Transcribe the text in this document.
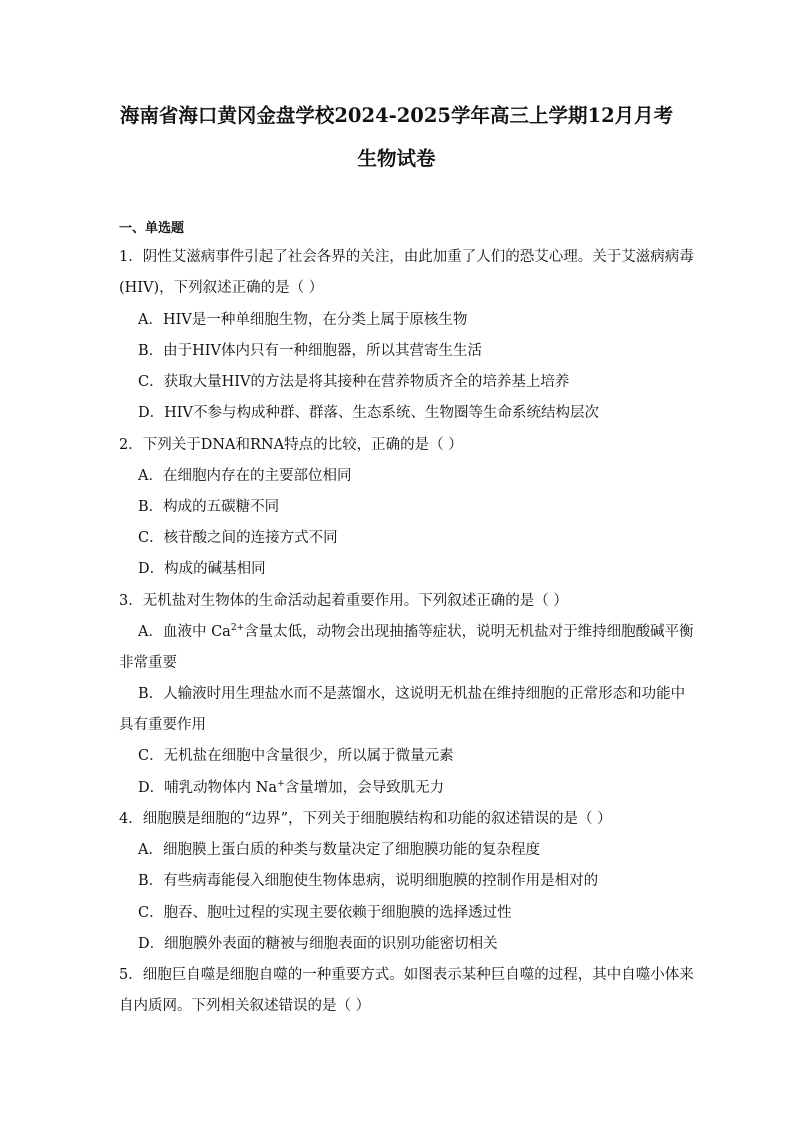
海南省海口黄冈金盘学校2024-2025学年高三上学期12月月考
生物试卷
一、单选题
1．阴性艾滋病事件引起了社会各界的关注，由此加重了人们的恐艾心理。关于艾滋病病毒
(HIV)，下列叙述正确的是（ ）
A．HIV是一种单细胞生物，在分类上属于原核生物
B．由于HIV体内只有一种细胞器，所以其营寄生生活
C．获取大量HIV的方法是将其接种在营养物质齐全的培养基上培养
D．HIV不参与构成种群、群落、生态系统、生物圈等生命系统结构层次
2．下列关于DNA和RNA特点的比较，正确的是（ ）
A．在细胞内存在的主要部位相同
B．构成的五碳糖不同
C．核苷酸之间的连接方式不同
D．构成的碱基相同
3．无机盐对生物体的生命活动起着重要作用。下列叙述正确的是（ ）
A．血液中 $Ca^{2+}$含量太低，动物会出现抽搐等症状，说明无机盐对于维持细胞酸碱平衡
非常重要
B．人输液时用生理盐水而不是蒸馏水，这说明无机盐在维持细胞的正常形态和功能中
具有重要作用
C．无机盐在细胞中含量很少，所以属于微量元素
D．哺乳动物体内 Na+含量增加，会导致肌无力
4．细胞膜是细胞的“边界”，下列关于细胞膜结构和功能的叙述错误的是（ ）
A．细胞膜上蛋白质的种类与数量决定了细胞膜功能的复杂程度
B．有些病毒能侵入细胞使生物体患病，说明细胞膜的控制作用是相对的
C．胞吞、胞吐过程的实现主要依赖于细胞膜的选择透过性
D．细胞膜外表面的糖被与细胞表面的识别功能密切相关
5．细胞巨自噬是细胞自噬的一种重要方式。如图表示某种巨自噬的过程，其中自噬小体来
自内质网。下列相关叙述错误的是（ ）
